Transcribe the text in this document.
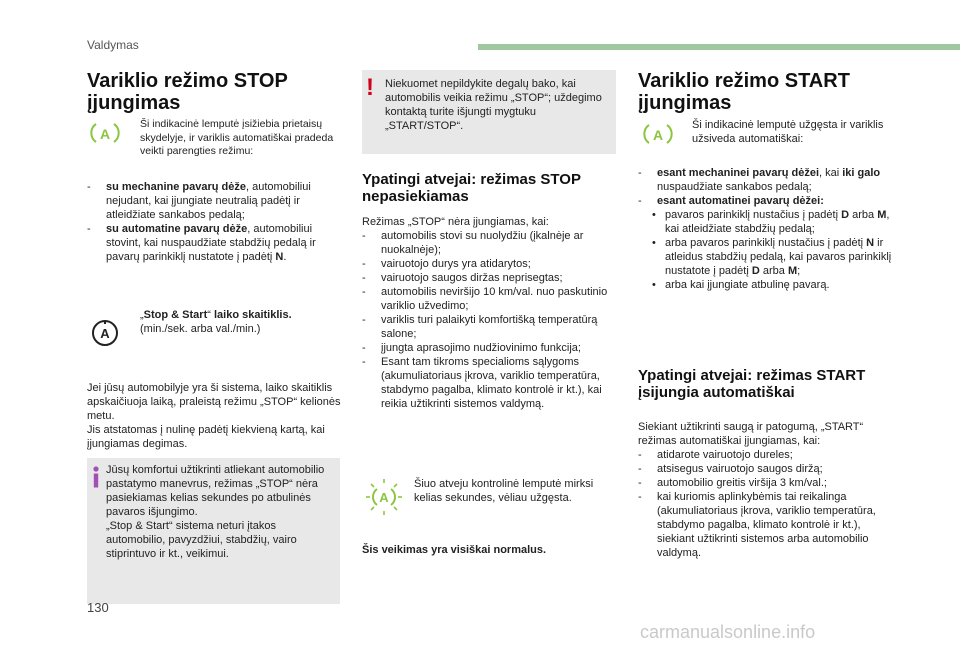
Valdymas
Variklio režimo STOP
įjungimas
A
Ši indikacinė lemputė įsižiebia prietaisų skydelyje, ir variklis automatiškai pradeda veikti parengties režimu:
- su mechanine pavarų dėže, automobiliui nejudant, kai įjungiate neutralią padėtį ir atleidžiate sankabos pedalą;
- su automatine pavarų dėže, automobiliui stovint, kai nuspaudžiate stabdžių pedalą ir pavarų parinkiklį nustatote į padėtį N.
A
„Stop & Start“ laiko skaitiklis.
(min./sek. arba val./min.)
Jei jūsų automobilyje yra ši sistema, laiko skaitiklis apskaičiuoja laiką, praleistą režimu „STOP“ kelionės metu.
Jis atstatomas į nulinę padėtį kiekvieną kartą, kai įjungiamas degimas.
Jūsų komfortui užtikrinti atliekant automobilio pastatymo manevrus, režimas „STOP“ nėra pasiekiamas kelias sekundes po atbulinės pavaros išjungimo.
„Stop & Start“ sistema neturi įtakos automobilio, pavyzdžiui, stabdžių, vairo stiprintuvo ir kt., veikimui.
! Niekuomet nepildykite degalų bako, kai automobilis veikia režimu „STOP“; uždegimo kontaktą turite išjungti mygtuku „START/STOP“.
Ypatingi atvejai: režimas STOP
nepasiekiamas
Režimas „STOP“ nėra įjungiamas, kai:
- automobilis stovi su nuolydžiu (įkalnėje ar nuokalnėje);
- vairuotojo durys yra atidarytos;
- vairuotojo saugos diržas neprisegtas;
- automobilis neviršijo 10 km/val. nuo paskutinio variklio užvedimo;
- variklis turi palaikyti komfortišką temperatūrą salone;
- įjungta aprasojimo nudžiovinimo funkcija;
- Esant tam tikroms specialioms sąlygoms (akumuliatoriaus įkrova, variklio temperatūra, stabdymo pagalba, klimato kontrolė ir kt.), kai reikia užtikrinti sistemos valdymą.
A
Šiuo atveju kontrolinė lemputė mirksi kelias sekundes, vėliau užgęsta.
Šis veikimas yra visiškai normalus.
Variklio režimo START
įjungimas
A
Ši indikacinė lemputė užgęsta ir variklis užsiveda automatiškai:
- esant mechaninei pavarų dėžei, kai iki galo nuspaudžiate sankabos pedalą;
- esant automatinei pavarų dėžei:
• pavaros parinkiklį nustačius į padėtį D arba M, kai atleidžiate stabdžių pedalą;
• arba pavaros parinkiklį nustačius į padėtį N ir atleidus stabdžių pedalą, kai pavaros parinkiklį nustatote į padėtį D arba M;
• arba kai įjungiate atbulinę pavarą.
Ypatingi atvejai: režimas START
įsijungia automatiškai
Siekiant užtikrinti saugą ir patogumą, „START“ režimas automatiškai įjungiamas, kai:
- atidarote vairuotojo dureles;
- atsisegus vairuotojo saugos diržą;
- automobilio greitis viršija 3 km/val.;
- kai kuriomis aplinkybėmis tai reikalinga (akumuliatoriaus įkrova, variklio temperatūra, stabdymo pagalba, klimato kontrolė ir kt.), siekiant užtikrinti sistemos arba automobilio valdymą.
130
carmanualsonline.info
